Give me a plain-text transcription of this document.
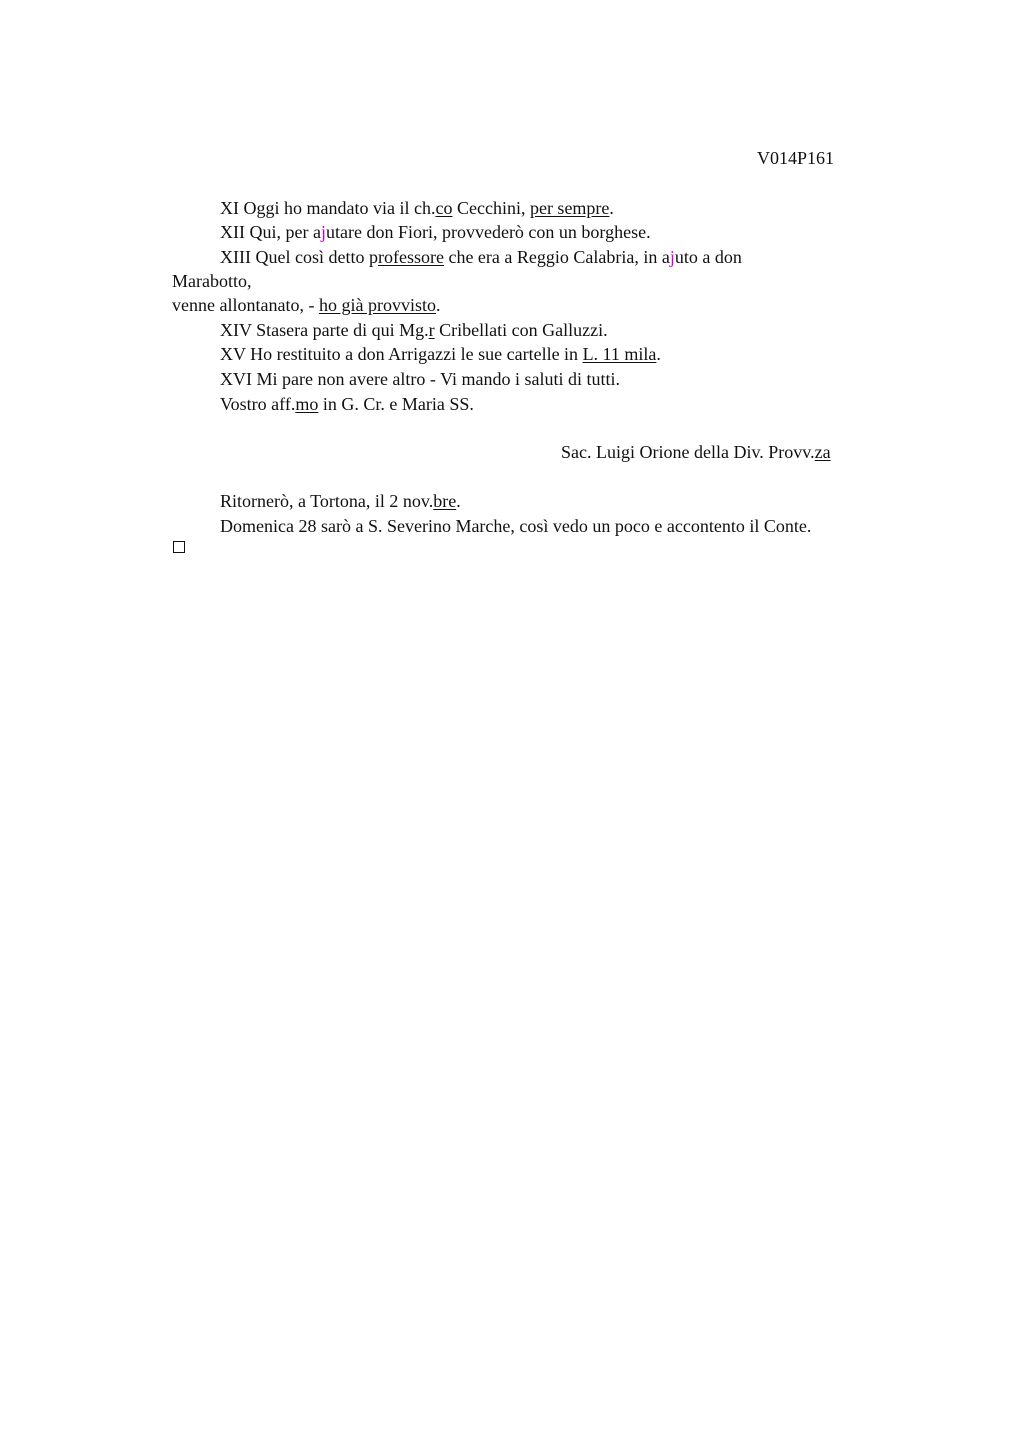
V014P161
XI Oggi ho mandato via il ch.co Cecchini, per sempre.
XII Qui, per ajutare don Fiori, provvederò con un borghese.
XIII Quel così detto professore che era a Reggio Calabria, in ajuto a don
Marabotto,
venne allontanato, - ho già provvisto.
XIV Stasera parte di qui Mg.r Cribellati con Galluzzi.
XV Ho restituito a don Arrigazzi le sue cartelle in L. 11 mila.
XVI Mi pare non avere altro - Vi mando i saluti di tutti.
Vostro aff.mo in G. Cr. e Maria SS.
Sac. Luigi Orione della Div. Provv.za
Ritornerò, a Tortona, il 2 nov.bre.
Domenica 28 sarò a S. Severino Marche, così vedo un poco e accontento il Conte.
